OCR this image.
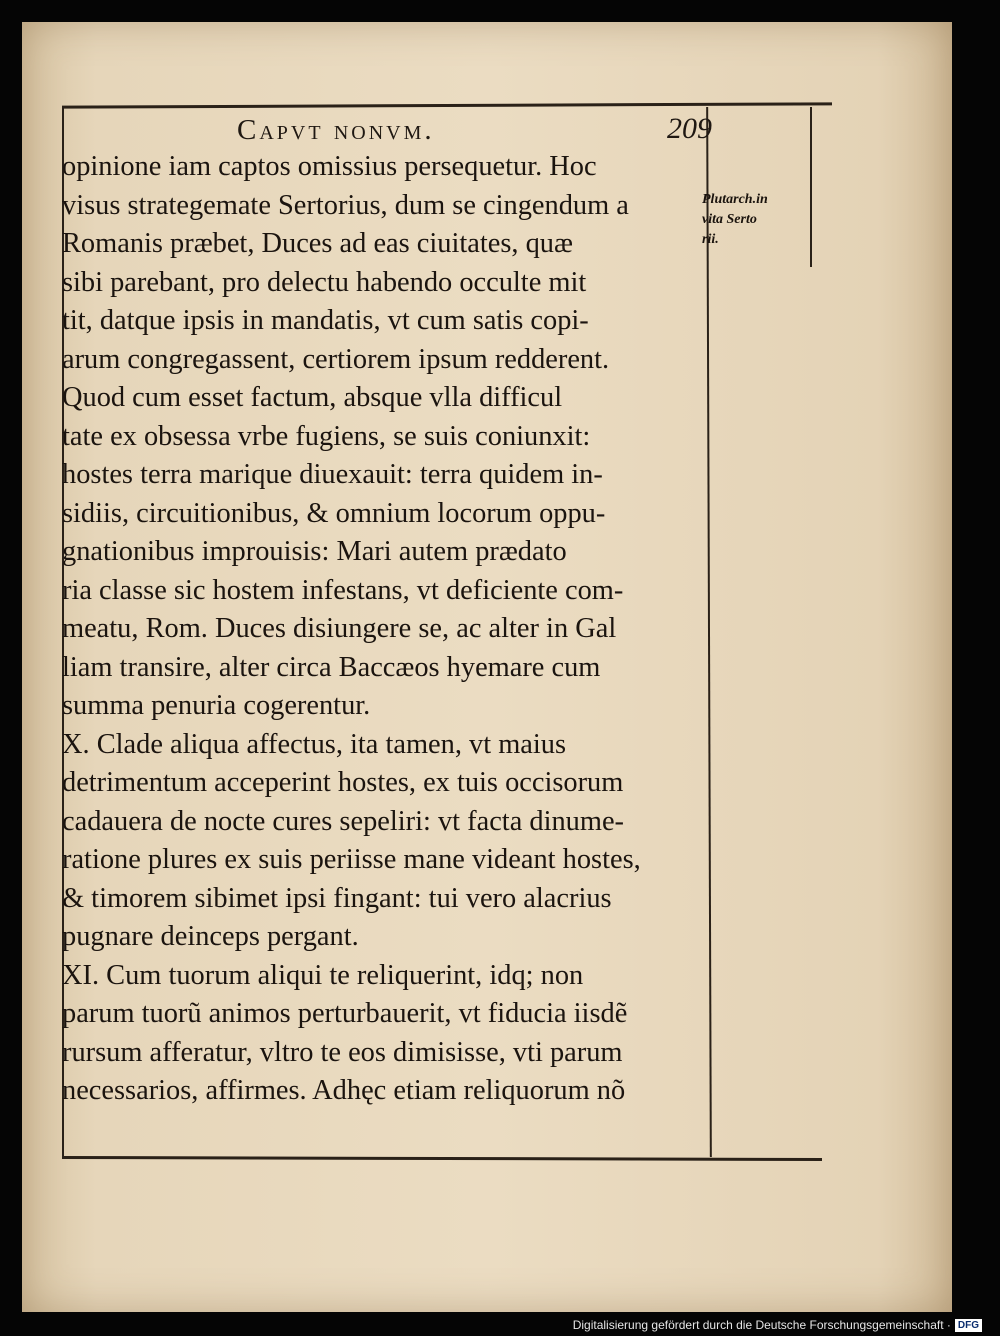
Capvt nonvm.	209
opinione iam captos omissius persequetur. Hoc
visus strategemate Sertorius, dum se cingendum a
Romanis præbet, Duces ad eas ciuitates, quæ
sibi parebant, pro delectu habendo occulte mit
tit, datque ipsis in mandatis, vt cum satis copi-
arum congregassent, certiorem ipsum redderent.
Quod cum esset factum, absque vlla difficul
tate ex obsessa vrbe fugiens, se suis coniunxit:
hostes terra marique diuexauit: terra quidem in-
sidiis, circuitionibus, & omnium locorum oppu-
gnationibus improuisis: Mari autem prædato
ria classe sic hostem infestans, vt deficiente com-
meatu, Rom. Duces disiungere se, ac alter in Gal
liam transire, alter circa Baccæos hyemare cum
summa penuria cogerentur.
X. Clade aliqua affectus, ita tamen, vt maius
detrimentum acceperint hostes, ex tuis occisorum
cadauera de nocte cures sepeliri: vt facta dinume-
ratione plures ex suis periisse mane videant hostes,
& timorem sibimet ipsi fingant: tui vero alacrius
pugnare deinceps pergant.
XI. Cum tuorum aliqui te reliquerint, idq; non
parum tuorũ animos perturbauerit, vt fiducia iisdẽ
rursum afferatur, vltro te eos dimisisse, vti parum
necessarios, affirmes. Adhęc etiam reliquorum nõ
Plutarch.in
vita Serto
rii.
Digitalisierung gefördert durch die Deutsche Forschungsgemeinschaft · DFG
